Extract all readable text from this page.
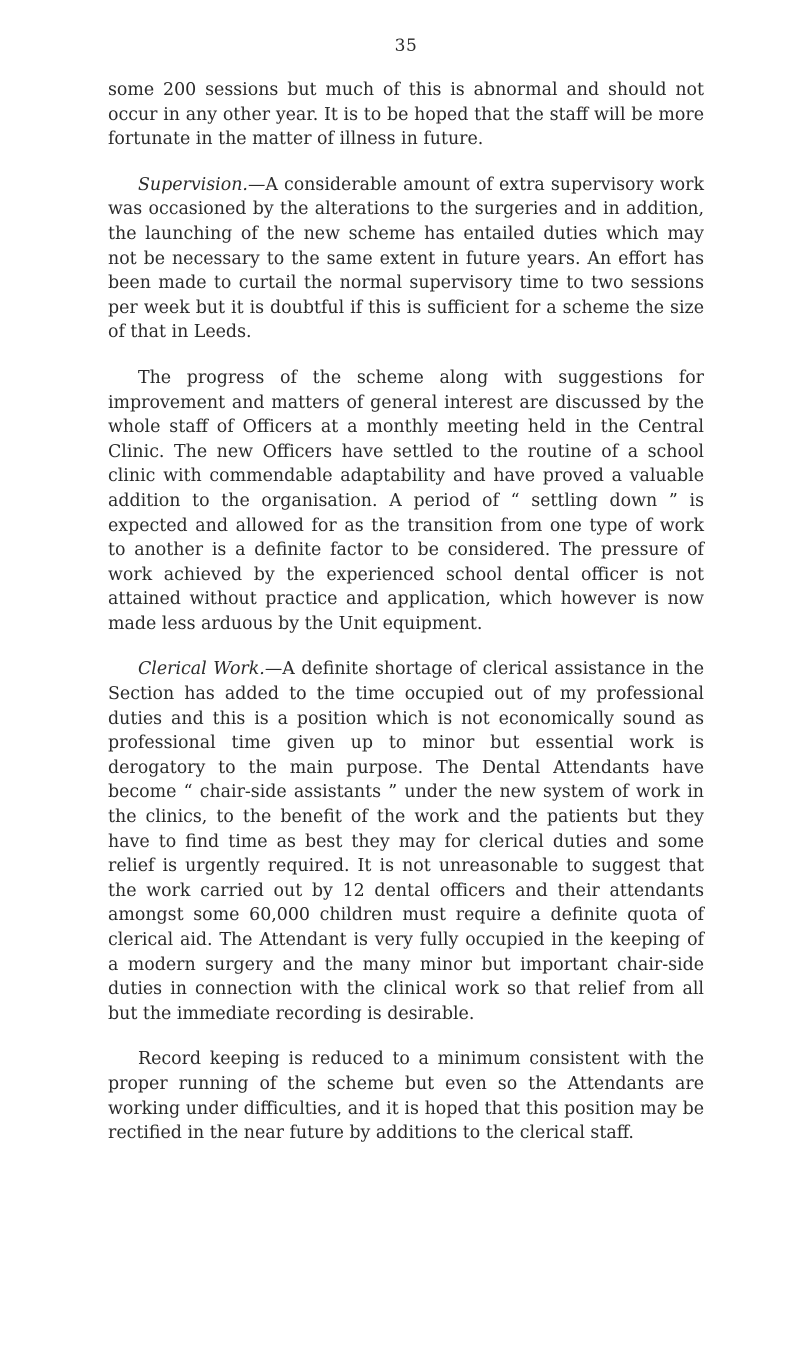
35

some 200 sessions but much of this is abnormal and should not occur in any other year. It is to be hoped that the staff will be more fortunate in the matter of illness in future.

Supervision.—A considerable amount of extra supervisory work was occasioned by the alterations to the surgeries and in addition, the launching of the new scheme has entailed duties which may not be necessary to the same extent in future years. An effort has been made to curtail the normal supervisory time to two sessions per week but it is doubtful if this is sufficient for a scheme the size of that in Leeds.

The progress of the scheme along with suggestions for improvement and matters of general interest are discussed by the whole staff of Officers at a monthly meeting held in the Central Clinic. The new Officers have settled to the routine of a school clinic with commendable adaptability and have proved a valuable addition to the organisation. A period of “ settling down ” is expected and allowed for as the transition from one type of work to another is a definite factor to be considered. The pressure of work achieved by the experienced school dental officer is not attained without practice and application, which however is now made less arduous by the Unit equipment.

Clerical Work.—A definite shortage of clerical assistance in the Section has added to the time occupied out of my professional duties and this is a position which is not economically sound as professional time given up to minor but essential work is derogatory to the main purpose. The Dental Attendants have become “ chair-side assistants ” under the new system of work in the clinics, to the benefit of the work and the patients but they have to find time as best they may for clerical duties and some relief is urgently required. It is not unreasonable to suggest that the work carried out by 12 dental officers and their attendants amongst some 60,000 children must require a definite quota of clerical aid. The Attendant is very fully occupied in the keeping of a modern surgery and the many minor but important chair-side duties in connection with the clinical work so that relief from all but the immediate recording is desirable.

Record keeping is reduced to a minimum consistent with the proper running of the scheme but even so the Attendants are working under difficulties, and it is hoped that this position may be rectified in the near future by additions to the clerical staff.
